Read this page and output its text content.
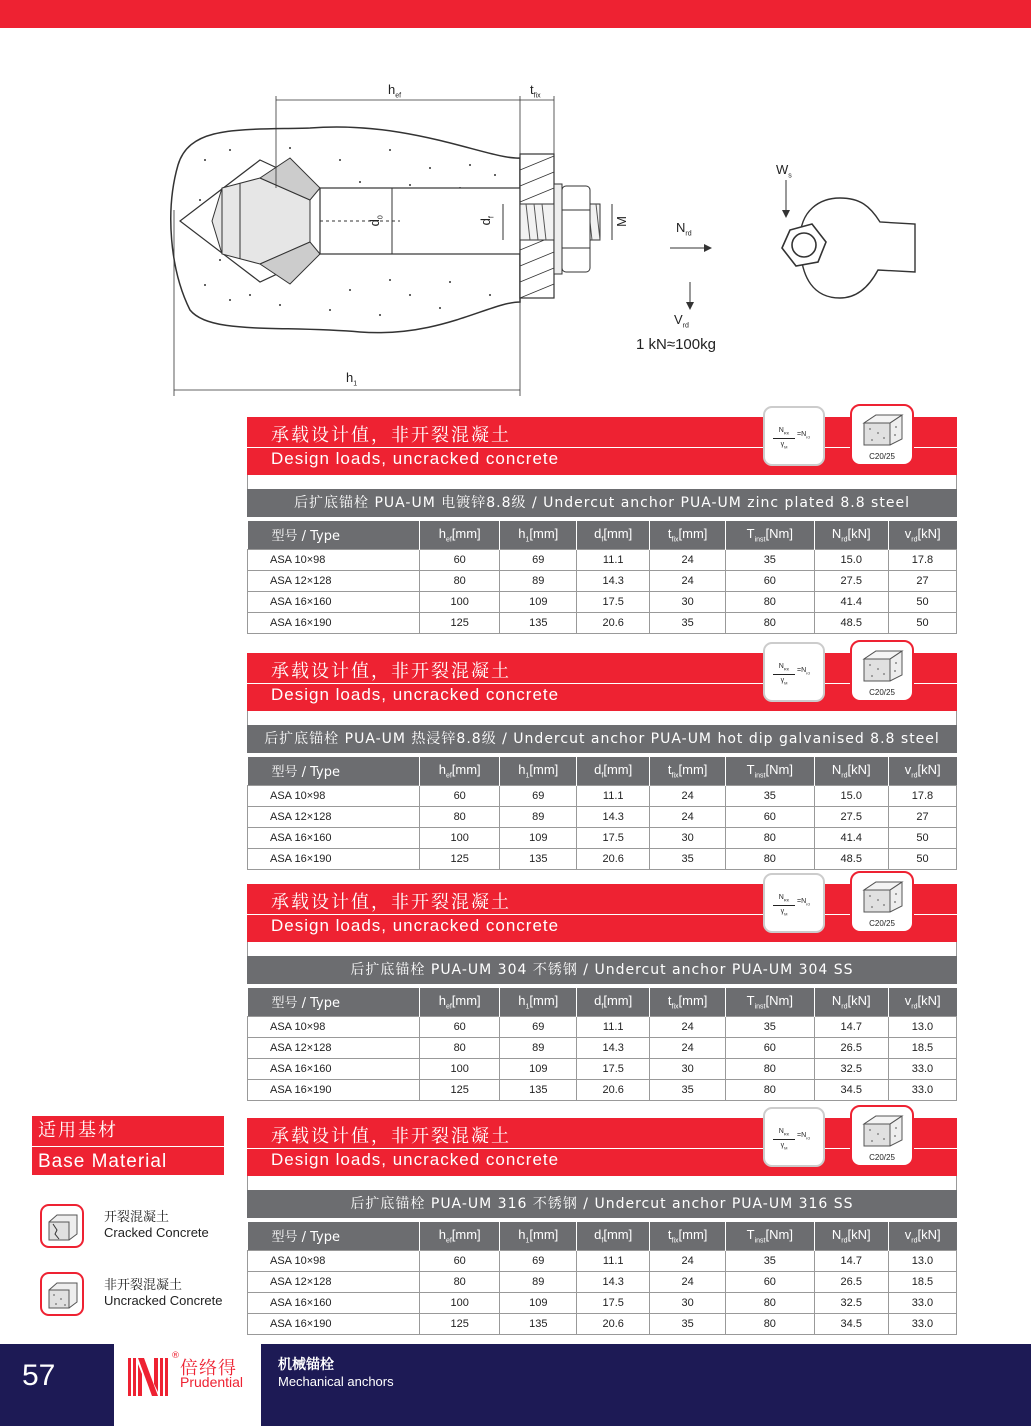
$h_{ef}$	$t_{fix}$
$d_0$
$d_f$	M
$h_1$
$N_{rd}$
$V_{rd}$
$W_s$
1 kN≈100kg
承载设计值，非开裂混凝土
Design loads, uncracked concrete
$N_{RK}$
$\gamma_M$
$=N_{rd}$
C20/25
后扩底锚栓 PUA-UM 电镀锌8.8级 / Undercut anchor PUA-UM zinc plated 8.8 steel
型号 / Type	$h_{ef}[mm]$	$h_1[mm]$	$d_f[mm]$	$t_{fix}[mm]$	$T_{inst}[Nm]$	$N_{rd}[kN]$	$v_{rd}[kN]$
ASA 10×98	60	69	11.1	24	35	15.0	17.8
ASA 12×128	80	89	14.3	24	60	27.5	27
ASA 16×160	100	109	17.5	30	80	41.4	50
ASA 16×190	125	135	20.6	35	80	48.5	50
承载设计值，非开裂混凝土
Design loads, uncracked concrete
$N_{RK}$
$\gamma_M$
$=N_{rd}$
C20/25
后扩底锚栓 PUA-UM 热浸锌8.8级 / Undercut anchor PUA-UM hot dip galvanised 8.8 steel
型号 / Type	$h_{ef}[mm]$	$h_1[mm]$	$d_f[mm]$	$t_{fix}[mm]$	$T_{inst}[Nm]$	$N_{rd}[kN]$	$v_{rd}[kN]$
ASA 10×98	60	69	11.1	24	35	15.0	17.8
ASA 12×128	80	89	14.3	24	60	27.5	27
ASA 16×160	100	109	17.5	30	80	41.4	50
ASA 16×190	125	135	20.6	35	80	48.5	50
承载设计值，非开裂混凝土
Design loads, uncracked concrete
$N_{RK}$
$\gamma_M$
$=N_{rd}$
C20/25
后扩底锚栓 PUA-UM 304 不锈钢 / Undercut anchor PUA-UM 304 SS
型号 / Type	$h_{ef}[mm]$	$h_1[mm]$	$d_f[mm]$	$t_{fix}[mm]$	$T_{inst}[Nm]$	$N_{rd}[kN]$	$v_{rd}[kN]$
ASA 10×98	60	69	11.1	24	35	14.7	13.0
ASA 12×128	80	89	14.3	24	60	26.5	18.5
ASA 16×160	100	109	17.5	30	80	32.5	33.0
ASA 16×190	125	135	20.6	35	80	34.5	33.0
承载设计值，非开裂混凝土
Design loads, uncracked concrete
$N_{RK}$
$\gamma_M$
$=N_{rd}$
C20/25
后扩底锚栓 PUA-UM 316 不锈钢 / Undercut anchor PUA-UM 316 SS
型号 / Type	$h_{ef}[mm]$	$h_1[mm]$	$d_f[mm]$	$t_{fix}[mm]$	$T_{inst}[Nm]$	$N_{rd}[kN]$	$v_{rd}[kN]$
ASA 10×98	60	69	11.1	24	35	14.7	13.0
ASA 12×128	80	89	14.3	24	60	26.5	18.5
ASA 16×160	100	109	17.5	30	80	32.5	33.0
ASA 16×190	125	135	20.6	35	80	34.5	33.0
适用基材
Base Material
开裂混凝土
Cracked Concrete
非开裂混凝土
Uncracked Concrete
57
®
倍络得
Prudential
机械锚栓
Mechanical anchors
